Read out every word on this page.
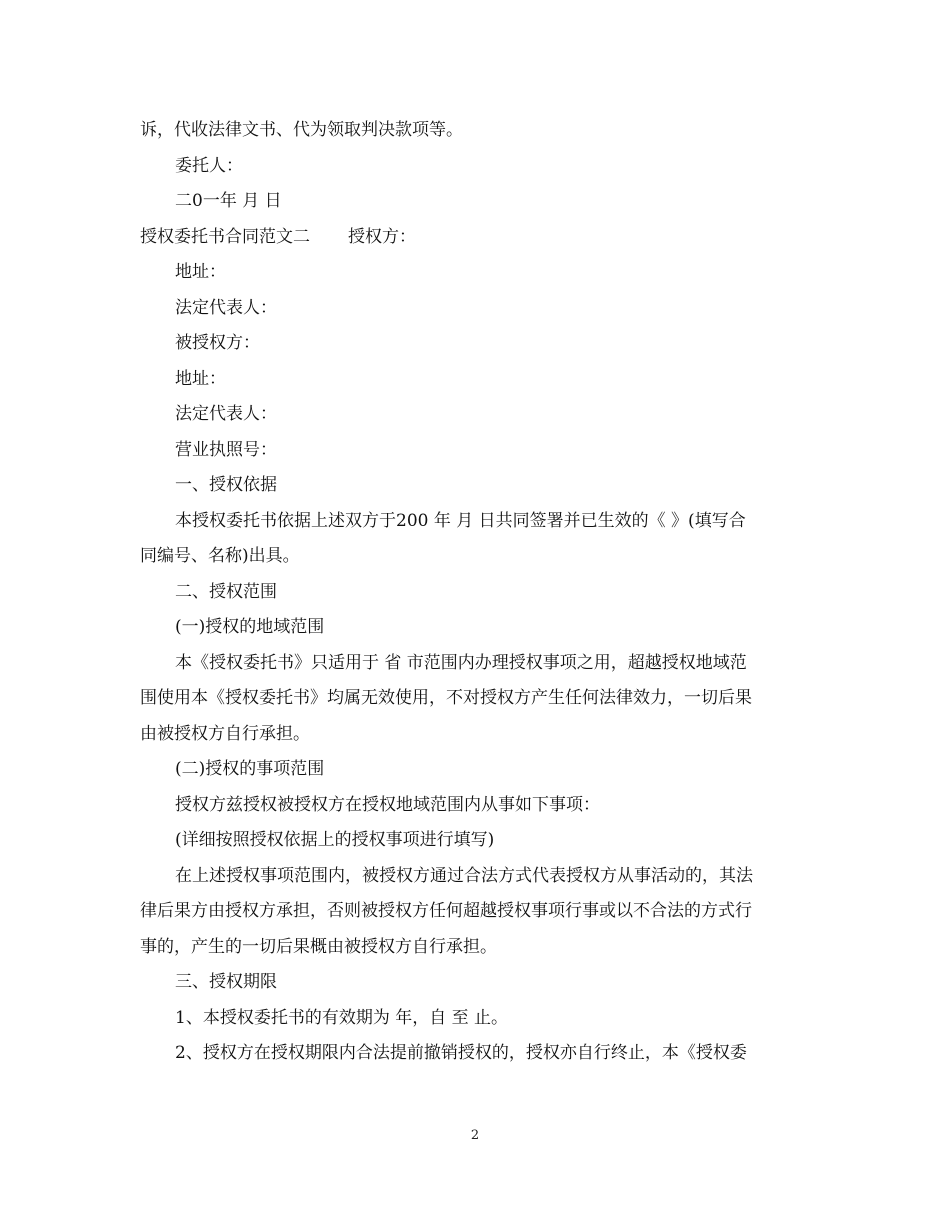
诉，代收法律文书、代为领取判决款项等。
委托人：
二0一年 月 日
授权委托书合同范文二 授权方：
地址：
法定代表人：
被授权方：
地址：
法定代表人：
营业执照号：
一、授权依据
本授权委托书依据上述双方于200 年 月 日共同签署并已生效的《 》(填写合
同编号、名称)出具。
二、授权范围
(一)授权的地域范围
本《授权委托书》只适用于 省 市范围内办理授权事项之用，超越授权地域范
围使用本《授权委托书》均属无效使用，不对授权方产生任何法律效力，一切后果
由被授权方自行承担。
(二)授权的事项范围
授权方兹授权被授权方在授权地域范围内从事如下事项：
(详细按照授权依据上的授权事项进行填写)
在上述授权事项范围内，被授权方通过合法方式代表授权方从事活动的，其法
律后果方由授权方承担，否则被授权方任何超越授权事项行事或以不合法的方式行
事的，产生的一切后果概由被授权方自行承担。
三、授权期限
1、本授权委托书的有效期为 年，自 至 止。
2、授权方在授权期限内合法提前撤销授权的，授权亦自行终止，本《授权委
2
